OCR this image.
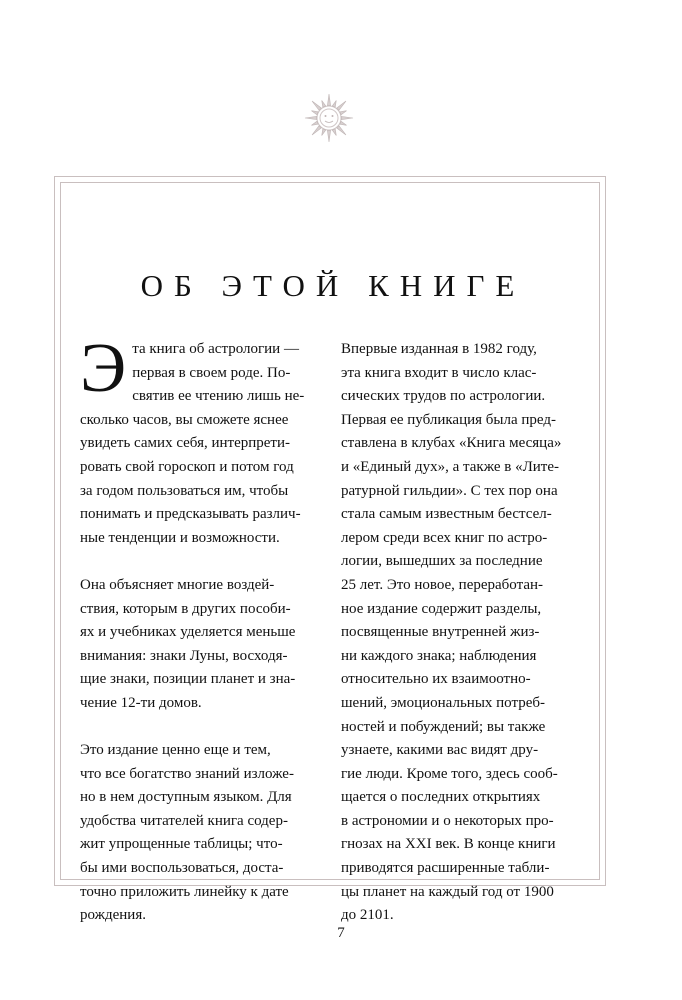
ОБ ЭТОЙ КНИГЕ

Эта книга об астрологии —
первая в своем роде. По-
святив ее чтению лишь не-
сколько часов, вы сможете яснее
увидеть самих себя, интерпрети-
ровать свой гороскоп и потом год
за годом пользоваться им, чтобы
понимать и предсказывать различ-
ные тенденции и возможности.

Она объясняет многие воздей-
ствия, которым в других пособи-
ях и учебниках уделяется меньше
внимания: знаки Луны, восходя-
щие знаки, позиции планет и зна-
чение 12-ти домов.

Это издание ценно еще и тем,
что все богатство знаний изложе-
но в нем доступным языком. Для
удобства читателей книга содер-
жит упрощенные таблицы; что-
бы ими воспользоваться, доста-
точно приложить линейку к дате
рождения.

Впервые изданная в 1982 году,
эта книга входит в число клас-
сических трудов по астрологии.
Первая ее публикация была пред-
ставлена в клубах «Книга месяца»
и «Единый дух», а также в «Лите-
ратурной гильдии». С тех пор она
стала самым известным бестсел-
лером среди всех книг по астро-
логии, вышедших за последние
25 лет. Это новое, переработан-
ное издание содержит разделы,
посвященные внутренней жиз-
ни каждого знака; наблюдения
относительно их взаимоотно-
шений, эмоциональных потреб-
ностей и побуждений; вы также
узнаете, какими вас видят дру-
гие люди. Кроме того, здесь сооб-
щается о последних открытиях
в астрономии и о некоторых про-
гнозах на XXI век. В конце книги
приводятся расширенные табли-
цы планет на каждый год от 1900
до 2101.

7
